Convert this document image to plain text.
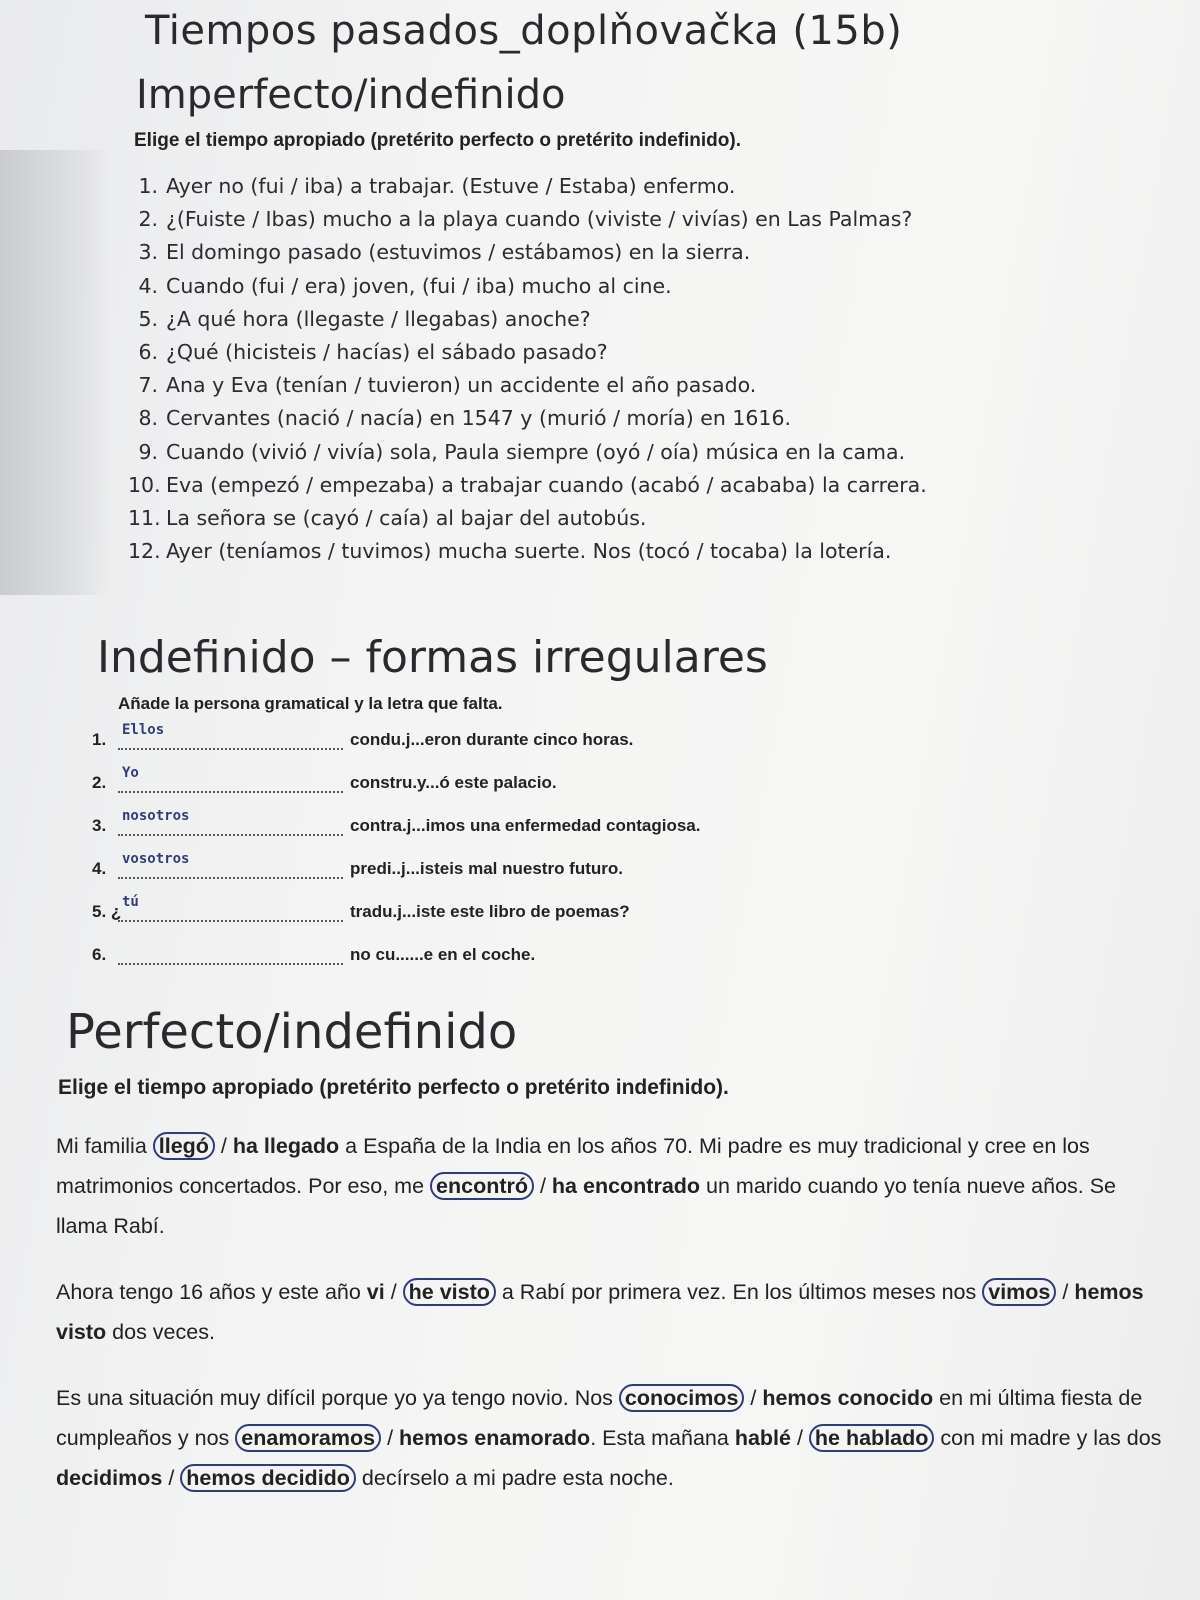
Tiempos pasados_doplňovačka (15b)
Imperfecto/indefinido
Elige el tiempo apropiado (pretérito perfecto o pretérito indefinido).
1. Ayer no (fui / iba) a trabajar. (Estuve / Estaba) enfermo.
2. ¿(Fuiste / Ibas) mucho a la playa cuando (viviste / vivías) en Las Palmas?
3. El domingo pasado (estuvimos / estábamos) en la sierra.
4. Cuando (fui / era) joven, (fui / iba) mucho al cine.
5. ¿A qué hora (llegaste / llegabas) anoche?
6. ¿Qué (hicisteis / hacías) el sábado pasado?
7. Ana y Eva (tenían / tuvieron) un accidente el año pasado.
8. Cervantes (nació / nacía) en 1547 y (murió / moría) en 1616.
9. Cuando (vivió / vivía) sola, Paula siempre (oyó / oía) música en la cama.
10. Eva (empezó / empezaba) a trabajar cuando (acabó / acababa) la carrera.
11. La señora se (cayó / caía) al bajar del autobús.
12. Ayer (teníamos / tuvimos) mucha suerte. Nos (tocó / tocaba) la lotería.
Indefinido – formas irregulares
Añade la persona gramatical y la letra que falta.
1. Ellos	condu.j...eron durante cinco horas.
2. Yo	constru.y...ó este palacio.
3. nosotros	contra.j...imos una enfermedad contagiosa.
4. vosotros	predi..j...isteis mal nuestro futuro.
5. ¿ tú	tradu.j...iste este libro de poemas?
6.	no cu......e en el coche.
Perfecto/indefinido
Elige el tiempo apropiado (pretérito perfecto o pretérito indefinido).
Mi familia llegó / ha llegado a España de la India en los años 70. Mi padre es muy tradicional y cree en los matrimonios concertados. Por eso, me encontró / ha encontrado un marido cuando yo tenía nueve años. Se llama Rabí.
Ahora tengo 16 años y este año vi / he visto a Rabí por primera vez. En los últimos meses nos vimos / hemos visto dos veces.
Es una situación muy difícil porque yo ya tengo novio. Nos conocimos / hemos conocido en mi última fiesta de cumpleaños y nos enamoramos / hemos enamorado. Esta mañana hablé / he hablado con mi madre y las dos decidimos / hemos decidido decírselo a mi padre esta noche.
